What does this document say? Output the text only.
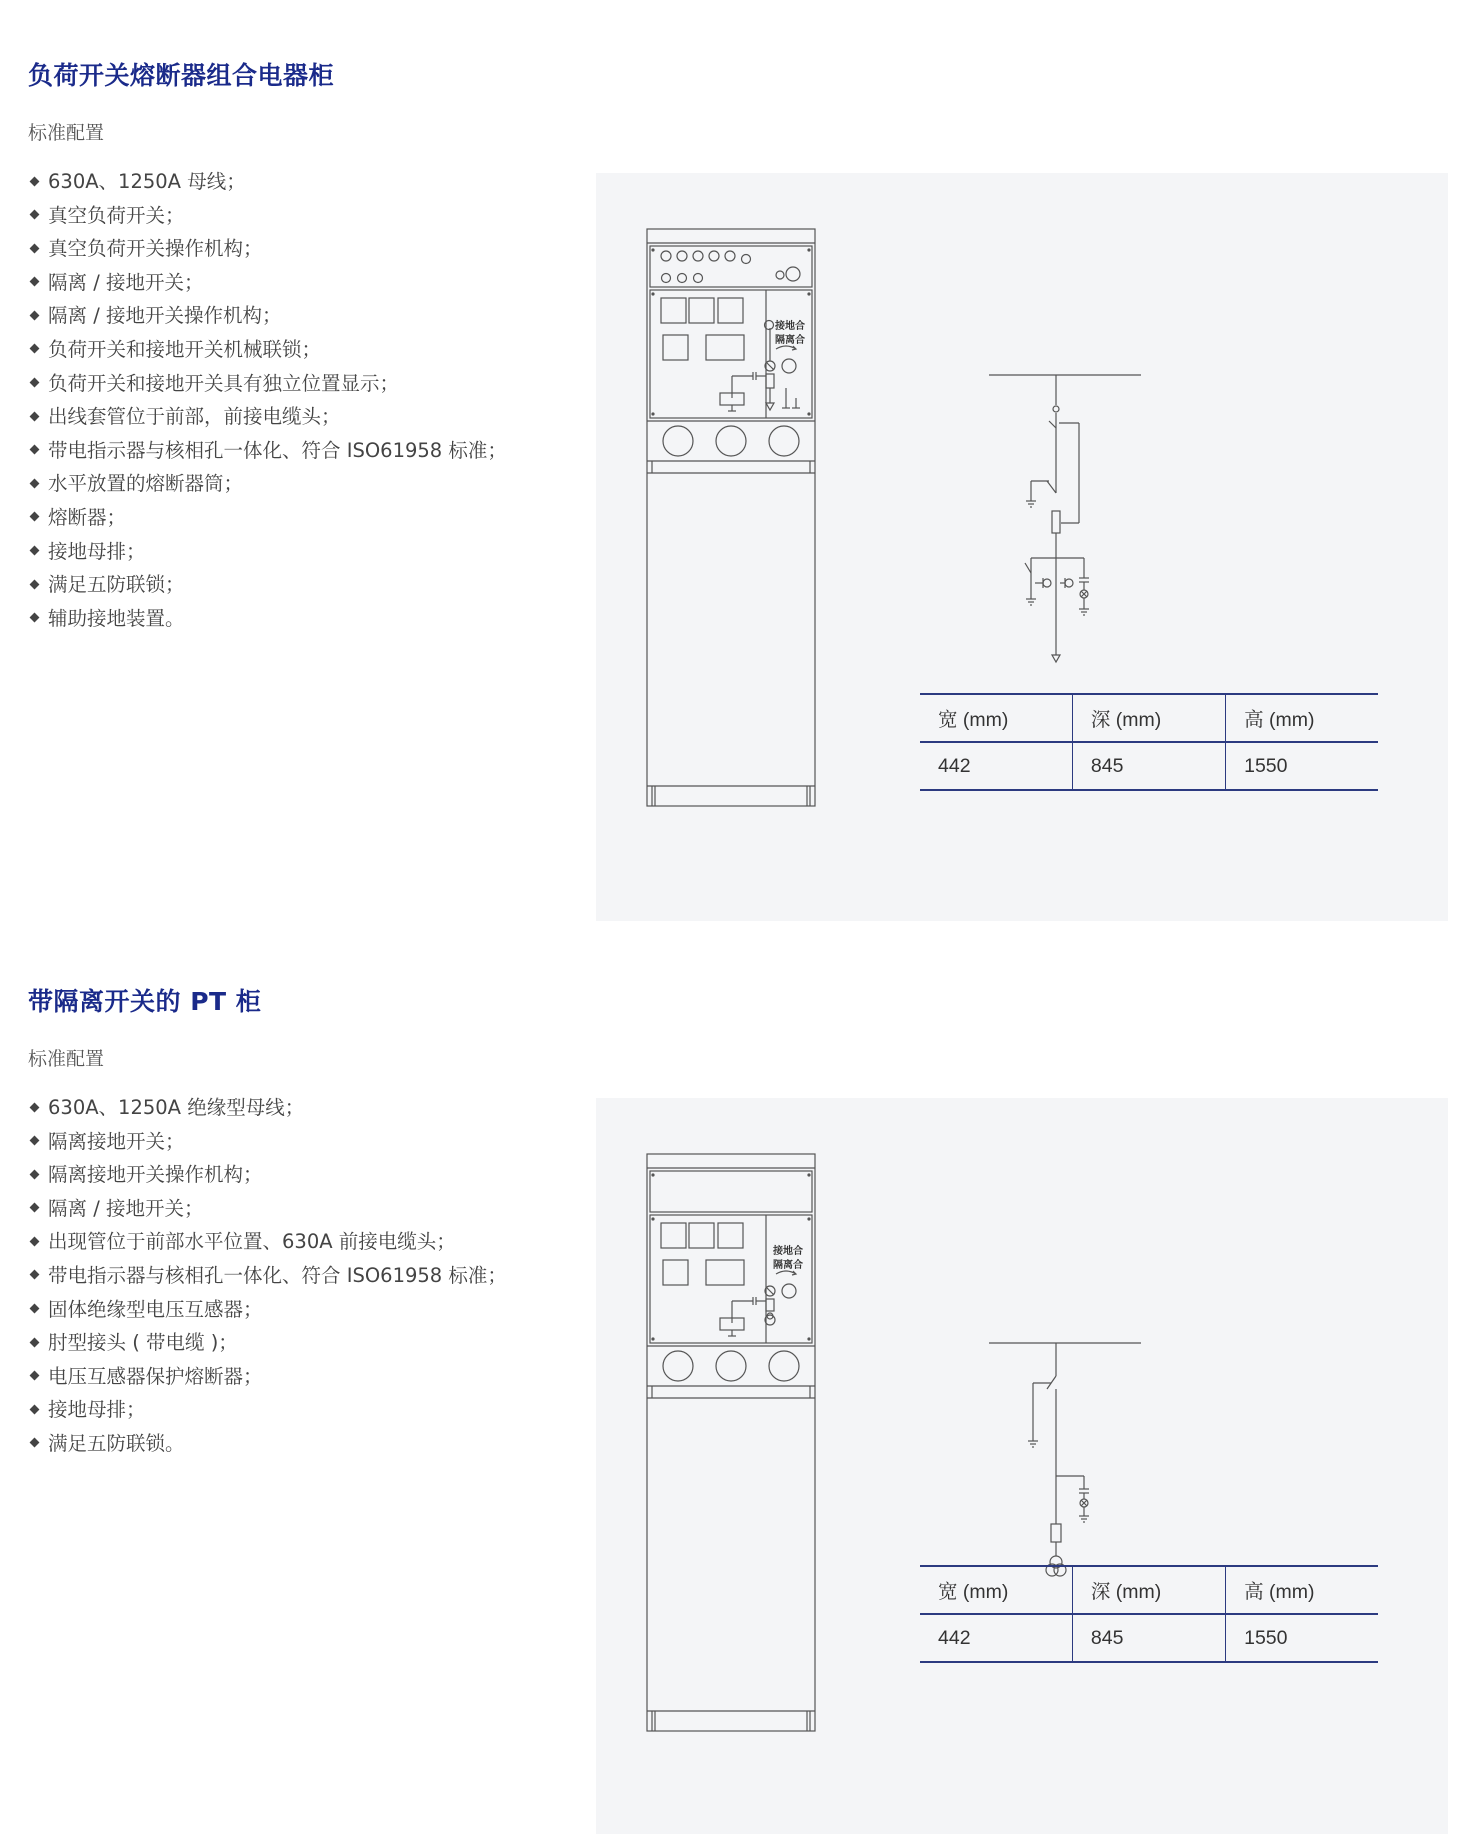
负荷开关熔断器组合电器柜
标准配置
630A、1250A 母线；
真空负荷开关；
真空负荷开关操作机构；
隔离 / 接地开关；
隔离 / 接地开关操作机构；
负荷开关和接地开关机械联锁；
负荷开关和接地开关具有独立位置显示；
出线套管位于前部，前接电缆头；
带电指示器与核相孔一体化、符合 ISO61958 标准；
水平放置的熔断器筒；
熔断器；
接地母排；
满足五防联锁；
辅助接地装置。
接地合
隔离合
宽 (mm)	深 (mm)	高 (mm)
442	845	1550
带隔离开关的 PT 柜
标准配置
630A、1250A 绝缘型母线；
隔离接地开关；
隔离接地开关操作机构；
隔离 / 接地开关；
出现管位于前部水平位置、630A 前接电缆头；
带电指示器与核相孔一体化、符合 ISO61958 标准；
固体绝缘型电压互感器；
肘型接头 ( 带电缆 )；
电压互感器保护熔断器；
接地母排；
满足五防联锁。
接地合
隔离合
宽 (mm)	深 (mm)	高 (mm)
442	845	1550
